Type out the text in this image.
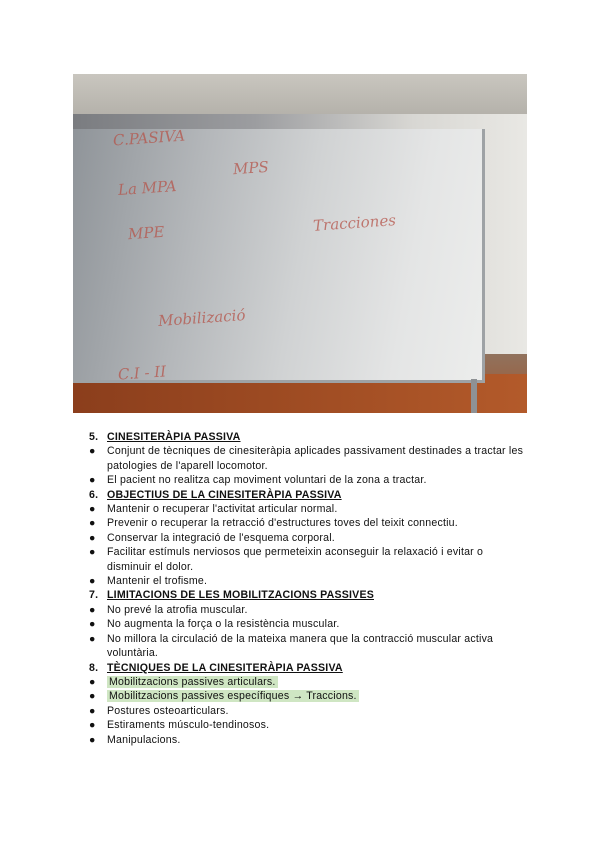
C.PASIVA
La MPA
MPS
MPE	Tracciones
Mobilizació
C.I - II
5. CINESITERÀPIA PASSIVA
● Conjunt de tècniques de cinesiteràpia aplicades passivament destinades a tractar les
patologies de l'aparell locomotor.
● El pacient no realitza cap moviment voluntari de la zona a tractar.
6. OBJECTIUS DE LA CINESITERÀPIA PASSIVA
● Mantenir o recuperar l'activitat articular normal.
● Prevenir o recuperar la retracció d'estructures toves del teixit connectiu.
● Conservar la integració de l'esquema corporal.
● Facilitar estímuls nerviosos que permeteixin aconseguir la relaxació i evitar o
disminuir el dolor.
● Mantenir el trofisme.
7. LIMITACIONS DE LES MOBILITZACIONS PASSIVES
● No prevé la atrofia muscular.
● No augmenta la força o la resistència muscular.
● No millora la circulació de la mateixa manera que la contracció muscular activa
voluntària.
8. TÈCNIQUES DE LA CINESITERÀPIA PASSIVA
● Mobilitzacions passives articulars.
● Mobilitzacions passives específiques → Traccions.
● Postures osteoarticulars.
● Estiraments músculo-tendinosos.
● Manipulacions.
